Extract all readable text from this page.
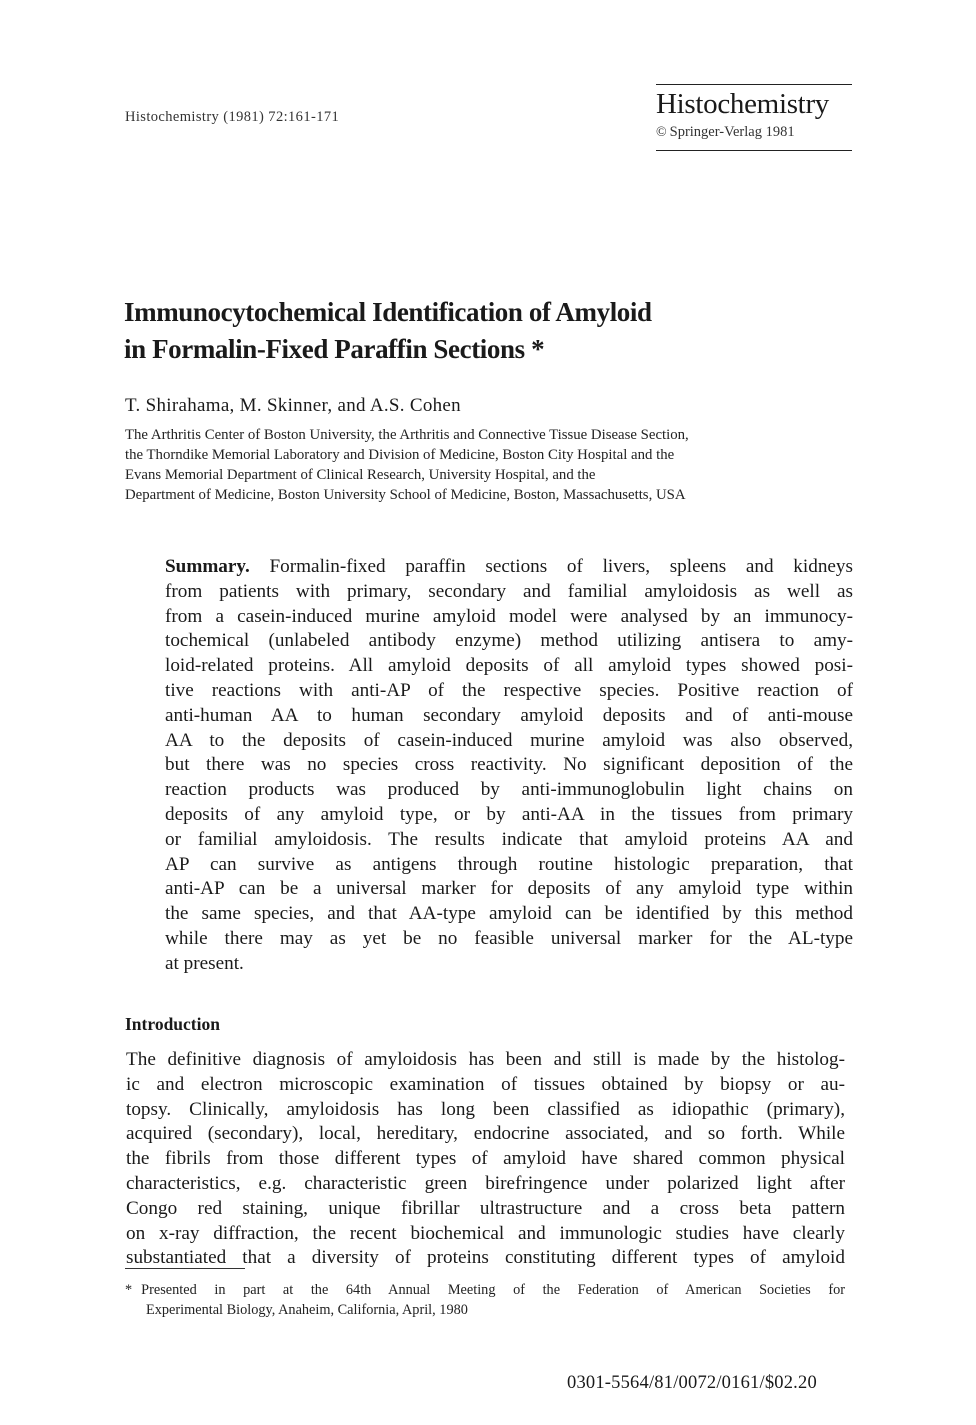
Histochemistry (1981) 72:161-171	Histochemistry
© Springer-Verlag 1981
Immunocytochemical Identification of Amyloid
in Formalin-Fixed Paraffin Sections *
T. Shirahama, M. Skinner, and A.S. Cohen
The Arthritis Center of Boston University, the Arthritis and Connective Tissue Disease Section,
the Thorndike Memorial Laboratory and Division of Medicine, Boston City Hospital and the
Evans Memorial Department of Clinical Research, University Hospital, and the
Department of Medicine, Boston University School of Medicine, Boston, Massachusetts, USA
Summary. Formalin-fixed paraffin sections of livers, spleens and kidneys
from patients with primary, secondary and familial amyloidosis as well as
from a casein-induced murine amyloid model were analysed by an immunocy-
tochemical (unlabeled antibody enzyme) method utilizing antisera to amy-
loid-related proteins. All amyloid deposits of all amyloid types showed posi-
tive reactions with anti-AP of the respective species. Positive reaction of
anti-human AA to human secondary amyloid deposits and of anti-mouse
AA to the deposits of casein-induced murine amyloid was also observed,
but there was no species cross reactivity. No significant deposition of the
reaction products was produced by anti-immunoglobulin light chains on
deposits of any amyloid type, or by anti-AA in the tissues from primary
or familial amyloidosis. The results indicate that amyloid proteins AA and
AP can survive as antigens through routine histologic preparation, that
anti-AP can be a universal marker for deposits of any amyloid type within
the same species, and that AA-type amyloid can be identified by this method
while there may as yet be no feasible universal marker for the AL-type
at present.
Introduction
The definitive diagnosis of amyloidosis has been and still is made by the histolog-
ic and electron microscopic examination of tissues obtained by biopsy or au-
topsy. Clinically, amyloidosis has long been classified as idiopathic (primary),
acquired (secondary), local, hereditary, endocrine associated, and so forth. While
the fibrils from those different types of amyloid have shared common physical
characteristics, e.g. characteristic green birefringence under polarized light after
Congo red staining, unique fibrillar ultrastructure and a cross beta pattern
on x-ray diffraction, the recent biochemical and immunologic studies have clearly
substantiated that a diversity of proteins constituting different types of amyloid
* Presented in part at the 64th Annual Meeting of the Federation of American Societies for
Experimental Biology, Anaheim, California, April, 1980
0301-5564/81/0072/0161/$02.20
